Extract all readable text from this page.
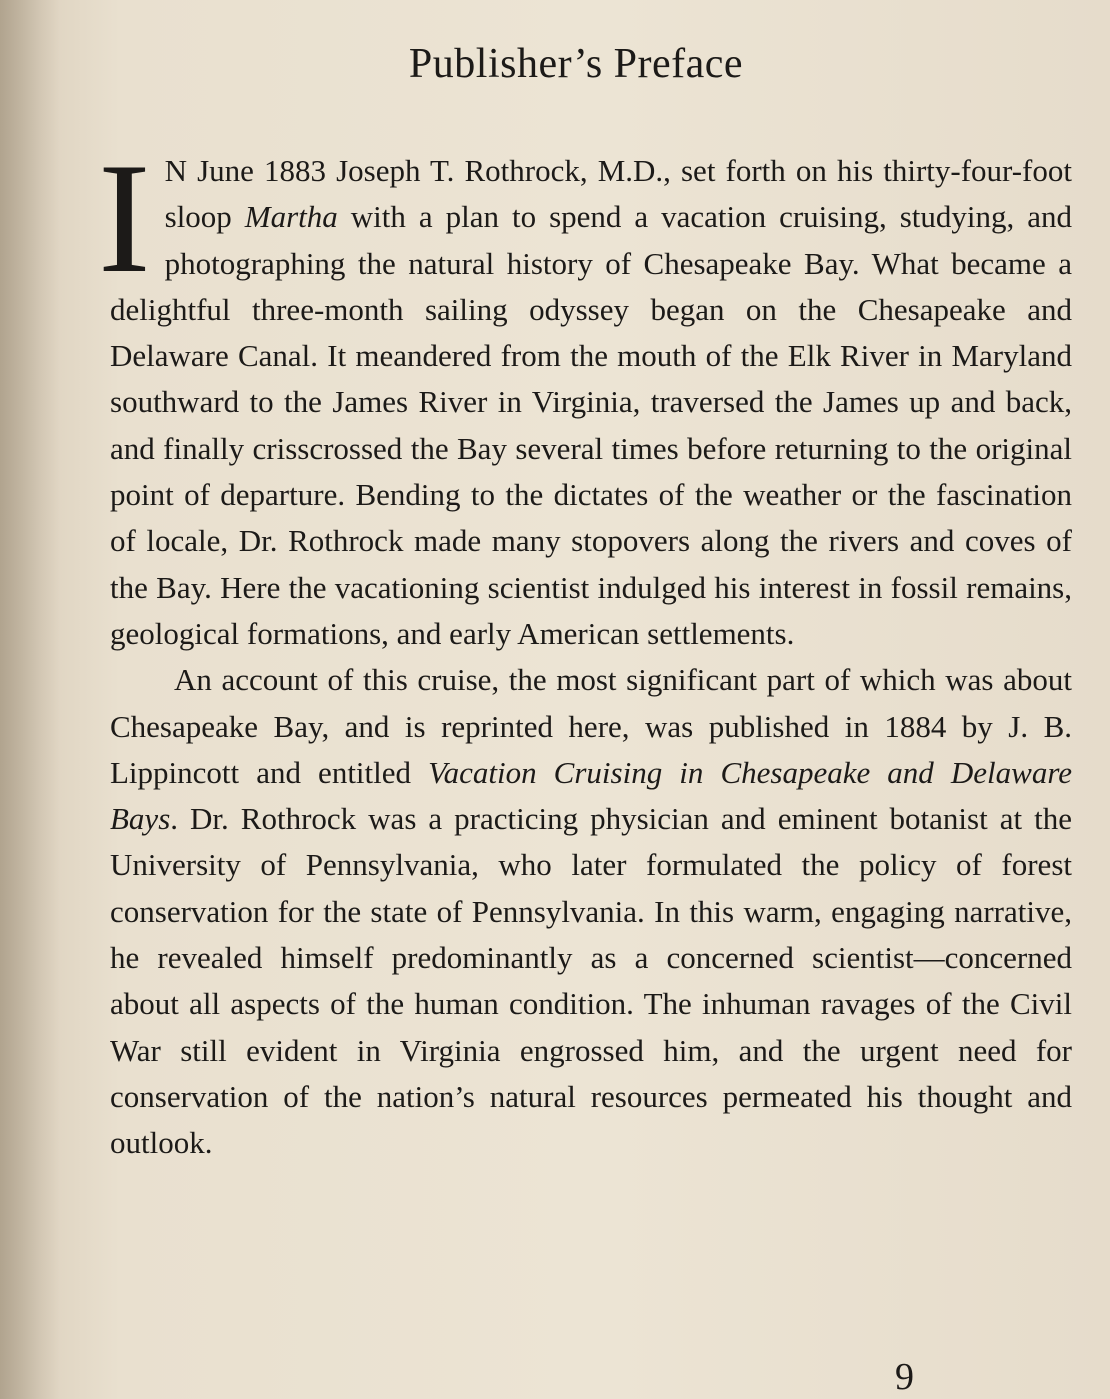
Publisher’s Preface

I N June 1883 Joseph T. Rothrock, M.D., set forth on his thirty-four-foot sloop Martha with a plan to spend a vacation cruising, studying, and photographing the natural history of Chesapeake Bay. What became a delightful three-month sailing odyssey began on the Chesapeake and Delaware Canal. It meandered from the mouth of the Elk River in Maryland southward to the James River in Virginia, traversed the James up and back, and finally crisscrossed the Bay several times before returning to the original point of departure. Bending to the dictates of the weather or the fascination of locale, Dr. Rothrock made many stopovers along the rivers and coves of the Bay. Here the vacationing scientist indulged his interest in fossil remains, geological formations, and early American settlements.

An account of this cruise, the most significant part of which was about Chesapeake Bay, and is reprinted here, was published in 1884 by J. B. Lippincott and entitled Vacation Cruising in Chesapeake and Delaware Bays. Dr. Rothrock was a practicing physician and eminent botanist at the University of Pennsylvania, who later formulated the policy of forest conservation for the state of Pennsylvania. In this warm, engaging narrative, he revealed himself predominantly as a concerned scientist—concerned about all aspects of the human condition. The inhuman ravages of the Civil War still evident in Virginia engrossed him, and the urgent need for conservation of the nation’s natural resources permeated his thought and outlook.

9
